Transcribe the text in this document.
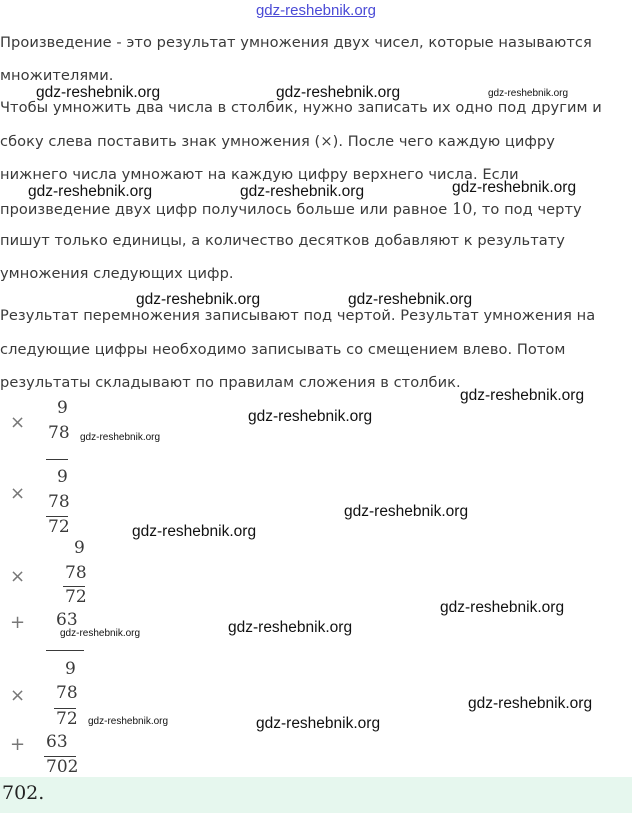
gdz-reshebnik.org
Произведение - это результат умножения двух чисел, которые называются
множителями.
Чтобы умножить два числа в столбик, нужно записать их одно под другим и
сбоку слева поставить знак умножения (×). После чего каждую цифру
нижнего числа умножают на каждую цифру верхнего числа. Если
произведение двух цифр получилось больше или равное 10, то под черту
пишут только единицы, а количество десятков добавляют к результату
умножения следующих цифр.
Результат перемножения записывают под чертой. Результат умножения на
следующие цифры необходимо записывать со смещением влево. Потом
результаты складывают по правилам сложения в столбик.
×
9
78
×
9
78
72
×
9
78
72
+ 63
×
9
78
72
+ 63
702
702.
gdz-reshebnik.org	gdz-reshebnik.org	gdz-reshebnik.org
gdz-reshebnik.org	gdz-reshebnik.org	gdz-reshebnik.org
gdz-reshebnik.org	gdz-reshebnik.org
gdz-reshebnik.org
gdz-reshebnik.org
gdz-reshebnik.org
gdz-reshebnik.org
gdz-reshebnik.org
gdz-reshebnik.org
gdz-reshebnik.org
gdz-reshebnik.org
gdz-reshebnik.org
gdz-reshebnik.org	gdz-reshebnik.org
